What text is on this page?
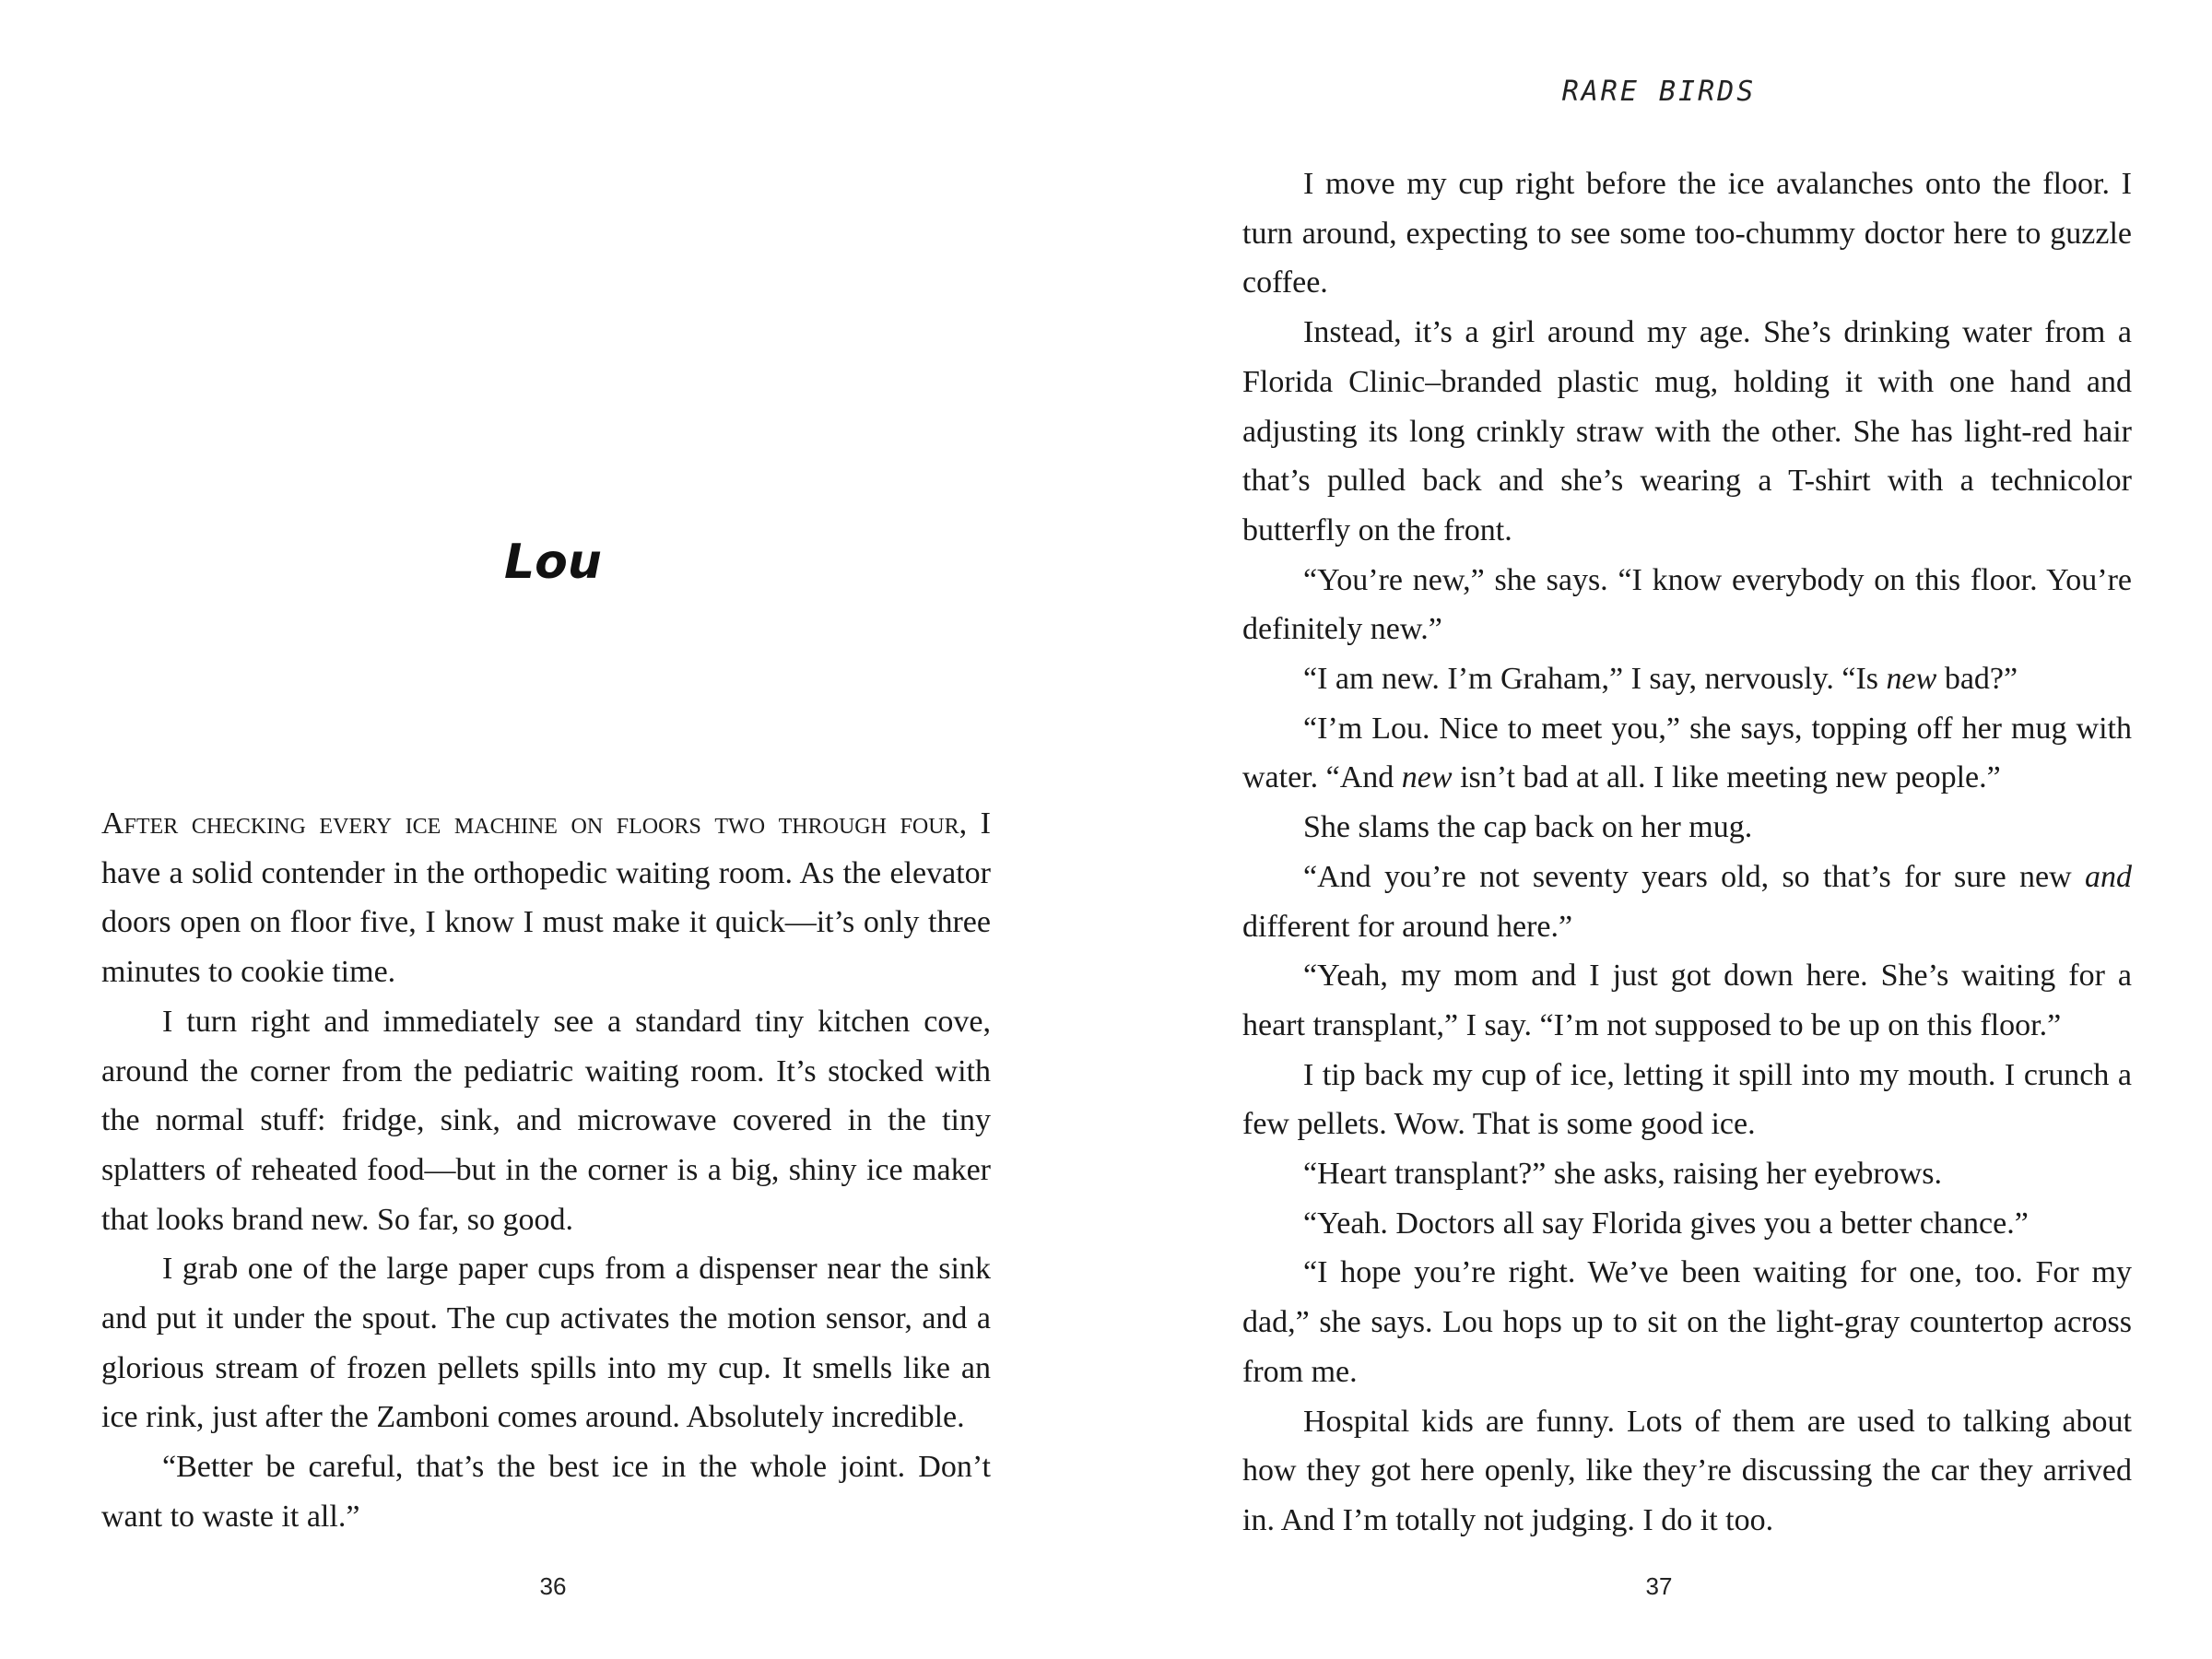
Lou

After checking every ice machine on floors two through four, I have a solid contender in the orthopedic waiting room. As the elevator doors open on floor five, I know I must make it quick—it’s only three minutes to cookie time.

I turn right and immediately see a standard tiny kitchen cove, around the corner from the pediatric waiting room. It’s stocked with the normal stuff: fridge, sink, and microwave covered in the tiny splatters of reheated food—but in the corner is a big, shiny ice maker that looks brand new. So far, so good.

I grab one of the large paper cups from a dispenser near the sink and put it under the spout. The cup activates the motion sensor, and a glorious stream of frozen pellets spills into my cup. It smells like an ice rink, just after the Zamboni comes around. Absolutely incredible.

“Better be careful, that’s the best ice in the whole joint. Don’t want to waste it all.”

36
RARE BIRDS

I move my cup right before the ice avalanches onto the floor. I turn around, expecting to see some too-chummy doctor here to guzzle coffee.

Instead, it’s a girl around my age. She’s drinking water from a Florida Clinic–branded plastic mug, holding it with one hand and adjusting its long crinkly straw with the other. She has light-red hair that’s pulled back and she’s wearing a T-shirt with a technicolor butterfly on the front.

“You’re new,” she says. “I know everybody on this floor. You’re definitely new.”

“I am new. I’m Graham,” I say, nervously. “Is new bad?”

“I’m Lou. Nice to meet you,” she says, topping off her mug with water. “And new isn’t bad at all. I like meeting new people.”

She slams the cap back on her mug.

“And you’re not seventy years old, so that’s for sure new and different for around here.”

“Yeah, my mom and I just got down here. She’s waiting for a heart transplant,” I say. “I’m not supposed to be up on this floor.”

I tip back my cup of ice, letting it spill into my mouth. I crunch a few pellets. Wow. That is some good ice.

“Heart transplant?” she asks, raising her eyebrows.

“Yeah. Doctors all say Florida gives you a better chance.”

“I hope you’re right. We’ve been waiting for one, too. For my dad,” she says. Lou hops up to sit on the light-gray countertop across from me.

Hospital kids are funny. Lots of them are used to talking about how they got here openly, like they’re discussing the car they arrived in. And I’m totally not judging. I do it too.

37
